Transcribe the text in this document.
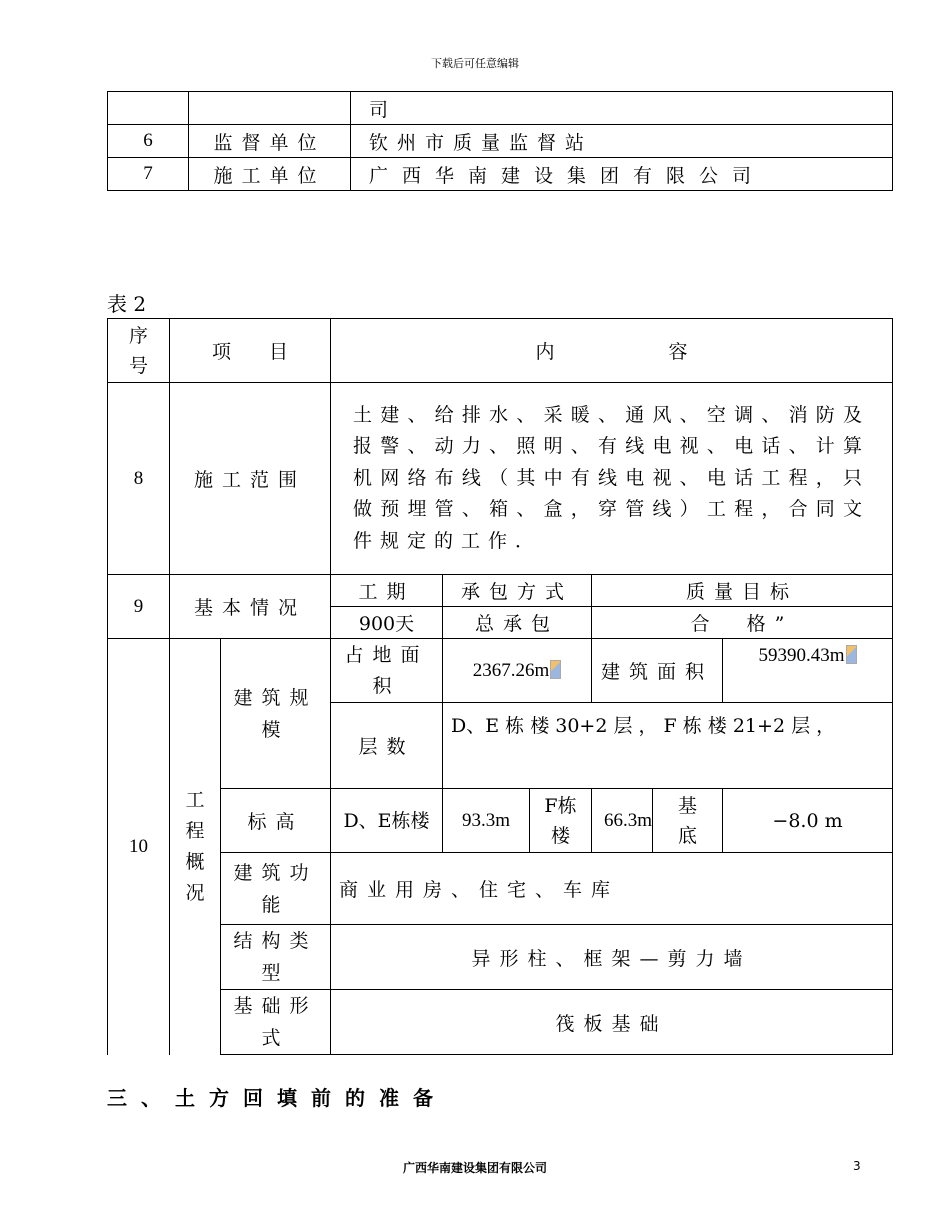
下载后可任意编辑
		司
6	监督单位	钦州市质量监督站
7	施工单位	广西华南建设集团有限公司
表 2
序号	项　　目		内　　　　　　容					
8	施工范围		土建、给排水、采暖、通风、空调、消防及报警、动力、照明、有线电视、电话、计算机网络布线（其中有线电视、电话工程，只做预埋管、箱、盒，穿管线）工程，合同文件规定的工作．					
9	基本情况		工期	承包方式		质量目标		
			900天	总承包		合　格”		
10	工程概况	建筑规模	占地面积	2367.26m		建筑面积		59390.43m
			层数	D、E 栋 楼 30+2 层 ， F 栋 楼 21+2 层 ，				
		标高	D、E栋楼	93.3m	F栋楼	66.3m	基底	−8.0 m
		建筑功能	商业用房、住宅、车库					
		结构类型	异形柱、框架—剪力墙					
		基础形式	筏板基础					
三、土方回填前的准备
广西华南建设集团有限公司	3
